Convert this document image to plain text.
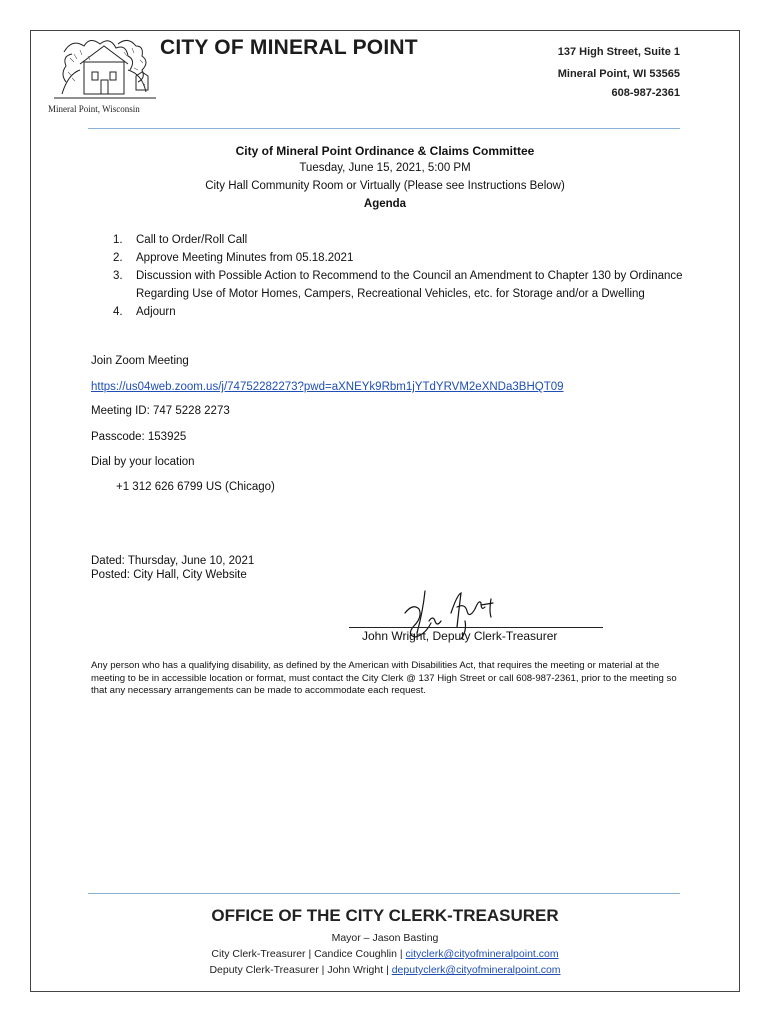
Mineral Point, Wisconsin
CITY OF MINERAL POINT	137 High Street, Suite 1
Mineral Point, WI 53565
608-987-2361
City of Mineral Point Ordinance & Claims Committee
Tuesday, June 15, 2021, 5:00 PM
City Hall Community Room or Virtually (Please see Instructions Below)
Agenda
1. Call to Order/Roll Call
2. Approve Meeting Minutes from 05.18.2021
3. Discussion with Possible Action to Recommend to the Council an Amendment to Chapter 130 by Ordinance Regarding Use of Motor Homes, Campers, Recreational Vehicles, etc. for Storage and/or a Dwelling
4. Adjourn
Join Zoom Meeting
https://us04web.zoom.us/j/74752282273?pwd=aXNEYk9Rbm1jYTdYRVM2eXNDa3BHQT09
Meeting ID: 747 5228 2273
Passcode: 153925
Dial by your location
+1 312 626 6799 US (Chicago)
Dated: Thursday, June 10, 2021
Posted: City Hall, City Website
John Wright, Deputy Clerk-Treasurer
Any person who has a qualifying disability, as defined by the American with Disabilities Act, that requires the meeting or material at the meeting to be in accessible location or format, must contact the City Clerk @ 137 High Street or call 608-987-2361, prior to the meeting so that any necessary arrangements can be made to accommodate each request.
OFFICE OF THE CITY CLERK-TREASURER
Mayor – Jason Basting
City Clerk-Treasurer | Candice Coughlin | cityclerk@cityofmineralpoint.com
Deputy Clerk-Treasurer | John Wright | deputyclerk@cityofmineralpoint.com
